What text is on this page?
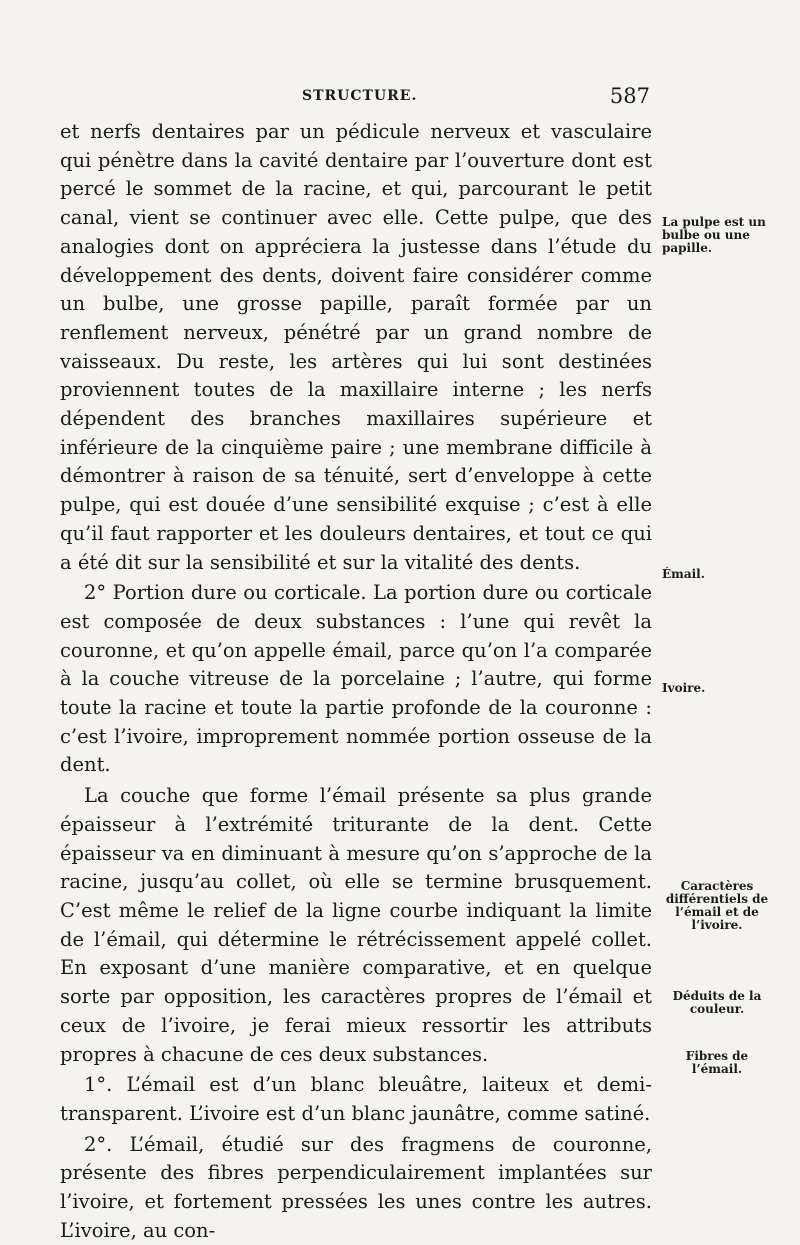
STRUCTURE.	587

et nerfs dentaires par un pédicule nerveux et vasculaire qui pénètre dans la cavité dentaire par l’ouverture dont est percé le sommet de la racine, et qui, parcourant le petit canal, vient se continuer avec elle. Cette pulpe, que des analogies dont on appréciera la justesse dans l’étude du développement des dents, doivent faire considérer comme un bulbe, une grosse papille, paraît formée par un renflement nerveux, pénétré par un grand nombre de vaisseaux. Du reste, les artères qui lui sont destinées proviennent toutes de la maxillaire interne ; les nerfs dépendent des branches maxillaires supérieure et inférieure de la cinquième paire ; une membrane difficile à démontrer à raison de sa ténuité, sert d’enveloppe à cette pulpe, qui est douée d’une sensibilité exquise ; c’est à elle qu’il faut rapporter et les douleurs dentaires, et tout ce qui a été dit sur la sensibilité et sur la vitalité des dents.

2° Portion dure ou corticale. La portion dure ou corticale est composée de deux substances : l’une qui revêt la couronne, et qu’on appelle émail, parce qu’on l’a comparée à la couche vitreuse de la porcelaine ; l’autre, qui forme toute la racine et toute la partie profonde de la couronne : c’est l’ivoire, improprement nommée portion osseuse de la dent.

La couche que forme l’émail présente sa plus grande épaisseur à l’extrémité triturante de la dent. Cette épaisseur va en diminuant à mesure qu’on s’approche de la racine, jusqu’au collet, où elle se termine brusquement. C’est même le relief de la ligne courbe indiquant la limite de l’émail, qui détermine le rétrécissement appelé collet. En exposant d’une manière comparative, et en quelque sorte par opposition, les caractères propres de l’émail et ceux de l’ivoire, je ferai mieux ressortir les attributs propres à chacune de ces deux substances.

1°. L’émail est d’un blanc bleuâtre, laiteux et demi-transparent. L’ivoire est d’un blanc jaunâtre, comme satiné.

2°. L’émail, étudié sur des fragmens de couronne, présente des fibres perpendiculairement implantées sur l’ivoire, et fortement pressées les unes contre les autres. L’ivoire, au con-

La pulpe est un bulbe ou une papille.
Émail.
Ivoire.
Caractères différentiels de l’émail et de l’ivoire.
Déduits de la couleur.
Fibres de l’émail.
